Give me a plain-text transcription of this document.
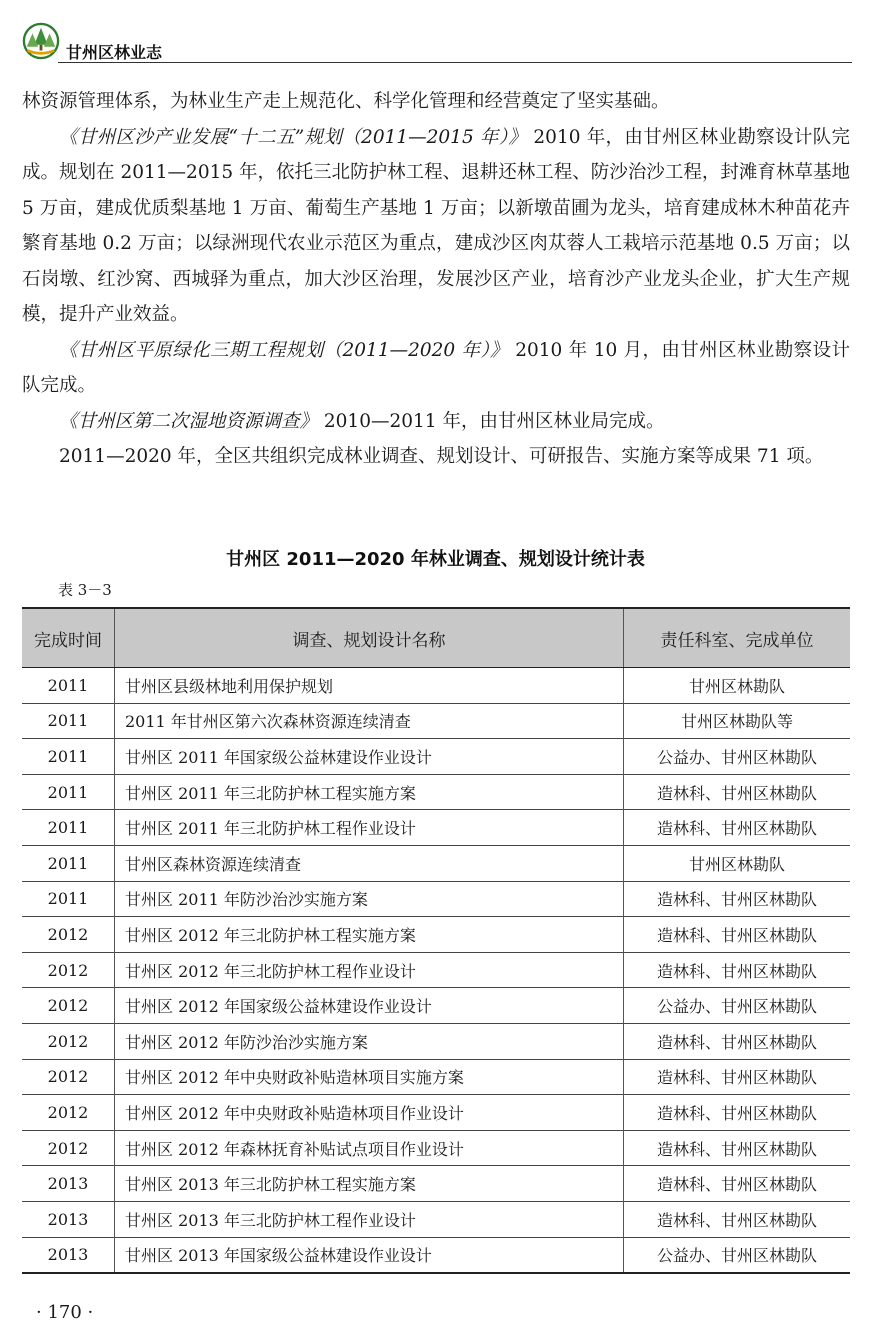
甘州区林业志

林资源管理体系，为林业生产走上规范化、科学化管理和经营奠定了坚实基础。

《甘州区沙产业发展“十二五”规划（2011—2015 年）》 2010 年，由甘州区林业勘察设计队完成。规划在 2011—2015 年，依托三北防护林工程、退耕还林工程、防沙治沙工程，封滩育林草基地 5 万亩，建成优质梨基地 1 万亩、葡萄生产基地 1 万亩；以新墩苗圃为龙头，培育建成林木种苗花卉繁育基地 0.2 万亩；以绿洲现代农业示范区为重点，建成沙区肉苁蓉人工栽培示范基地 0.5 万亩；以石岗墩、红沙窝、西城驿为重点，加大沙区治理，发展沙区产业，培育沙产业龙头企业，扩大生产规模，提升产业效益。

《甘州区平原绿化三期工程规划（2011—2020 年）》 2010 年 10 月，由甘州区林业勘察设计队完成。

《甘州区第二次湿地资源调查》 2010—2011 年，由甘州区林业局完成。

2011—2020 年，全区共组织完成林业调查、规划设计、可研报告、实施方案等成果 71 项。

甘州区 2011—2020 年林业调查、规划设计统计表
表 3－3
完成时间	调查、规划设计名称	责任科室、完成单位
2011	甘州区县级林地利用保护规划	甘州区林勘队
2011	2011 年甘州区第六次森林资源连续清查	甘州区林勘队等
2011	甘州区 2011 年国家级公益林建设作业设计	公益办、甘州区林勘队
2011	甘州区 2011 年三北防护林工程实施方案	造林科、甘州区林勘队
2011	甘州区 2011 年三北防护林工程作业设计	造林科、甘州区林勘队
2011	甘州区森林资源连续清查	甘州区林勘队
2011	甘州区 2011 年防沙治沙实施方案	造林科、甘州区林勘队
2012	甘州区 2012 年三北防护林工程实施方案	造林科、甘州区林勘队
2012	甘州区 2012 年三北防护林工程作业设计	造林科、甘州区林勘队
2012	甘州区 2012 年国家级公益林建设作业设计	公益办、甘州区林勘队
2012	甘州区 2012 年防沙治沙实施方案	造林科、甘州区林勘队
2012	甘州区 2012 年中央财政补贴造林项目实施方案	造林科、甘州区林勘队
2012	甘州区 2012 年中央财政补贴造林项目作业设计	造林科、甘州区林勘队
2012	甘州区 2012 年森林抚育补贴试点项目作业设计	造林科、甘州区林勘队
2013	甘州区 2013 年三北防护林工程实施方案	造林科、甘州区林勘队
2013	甘州区 2013 年三北防护林工程作业设计	造林科、甘州区林勘队
2013	甘州区 2013 年国家级公益林建设作业设计	公益办、甘州区林勘队
· 170 ·
